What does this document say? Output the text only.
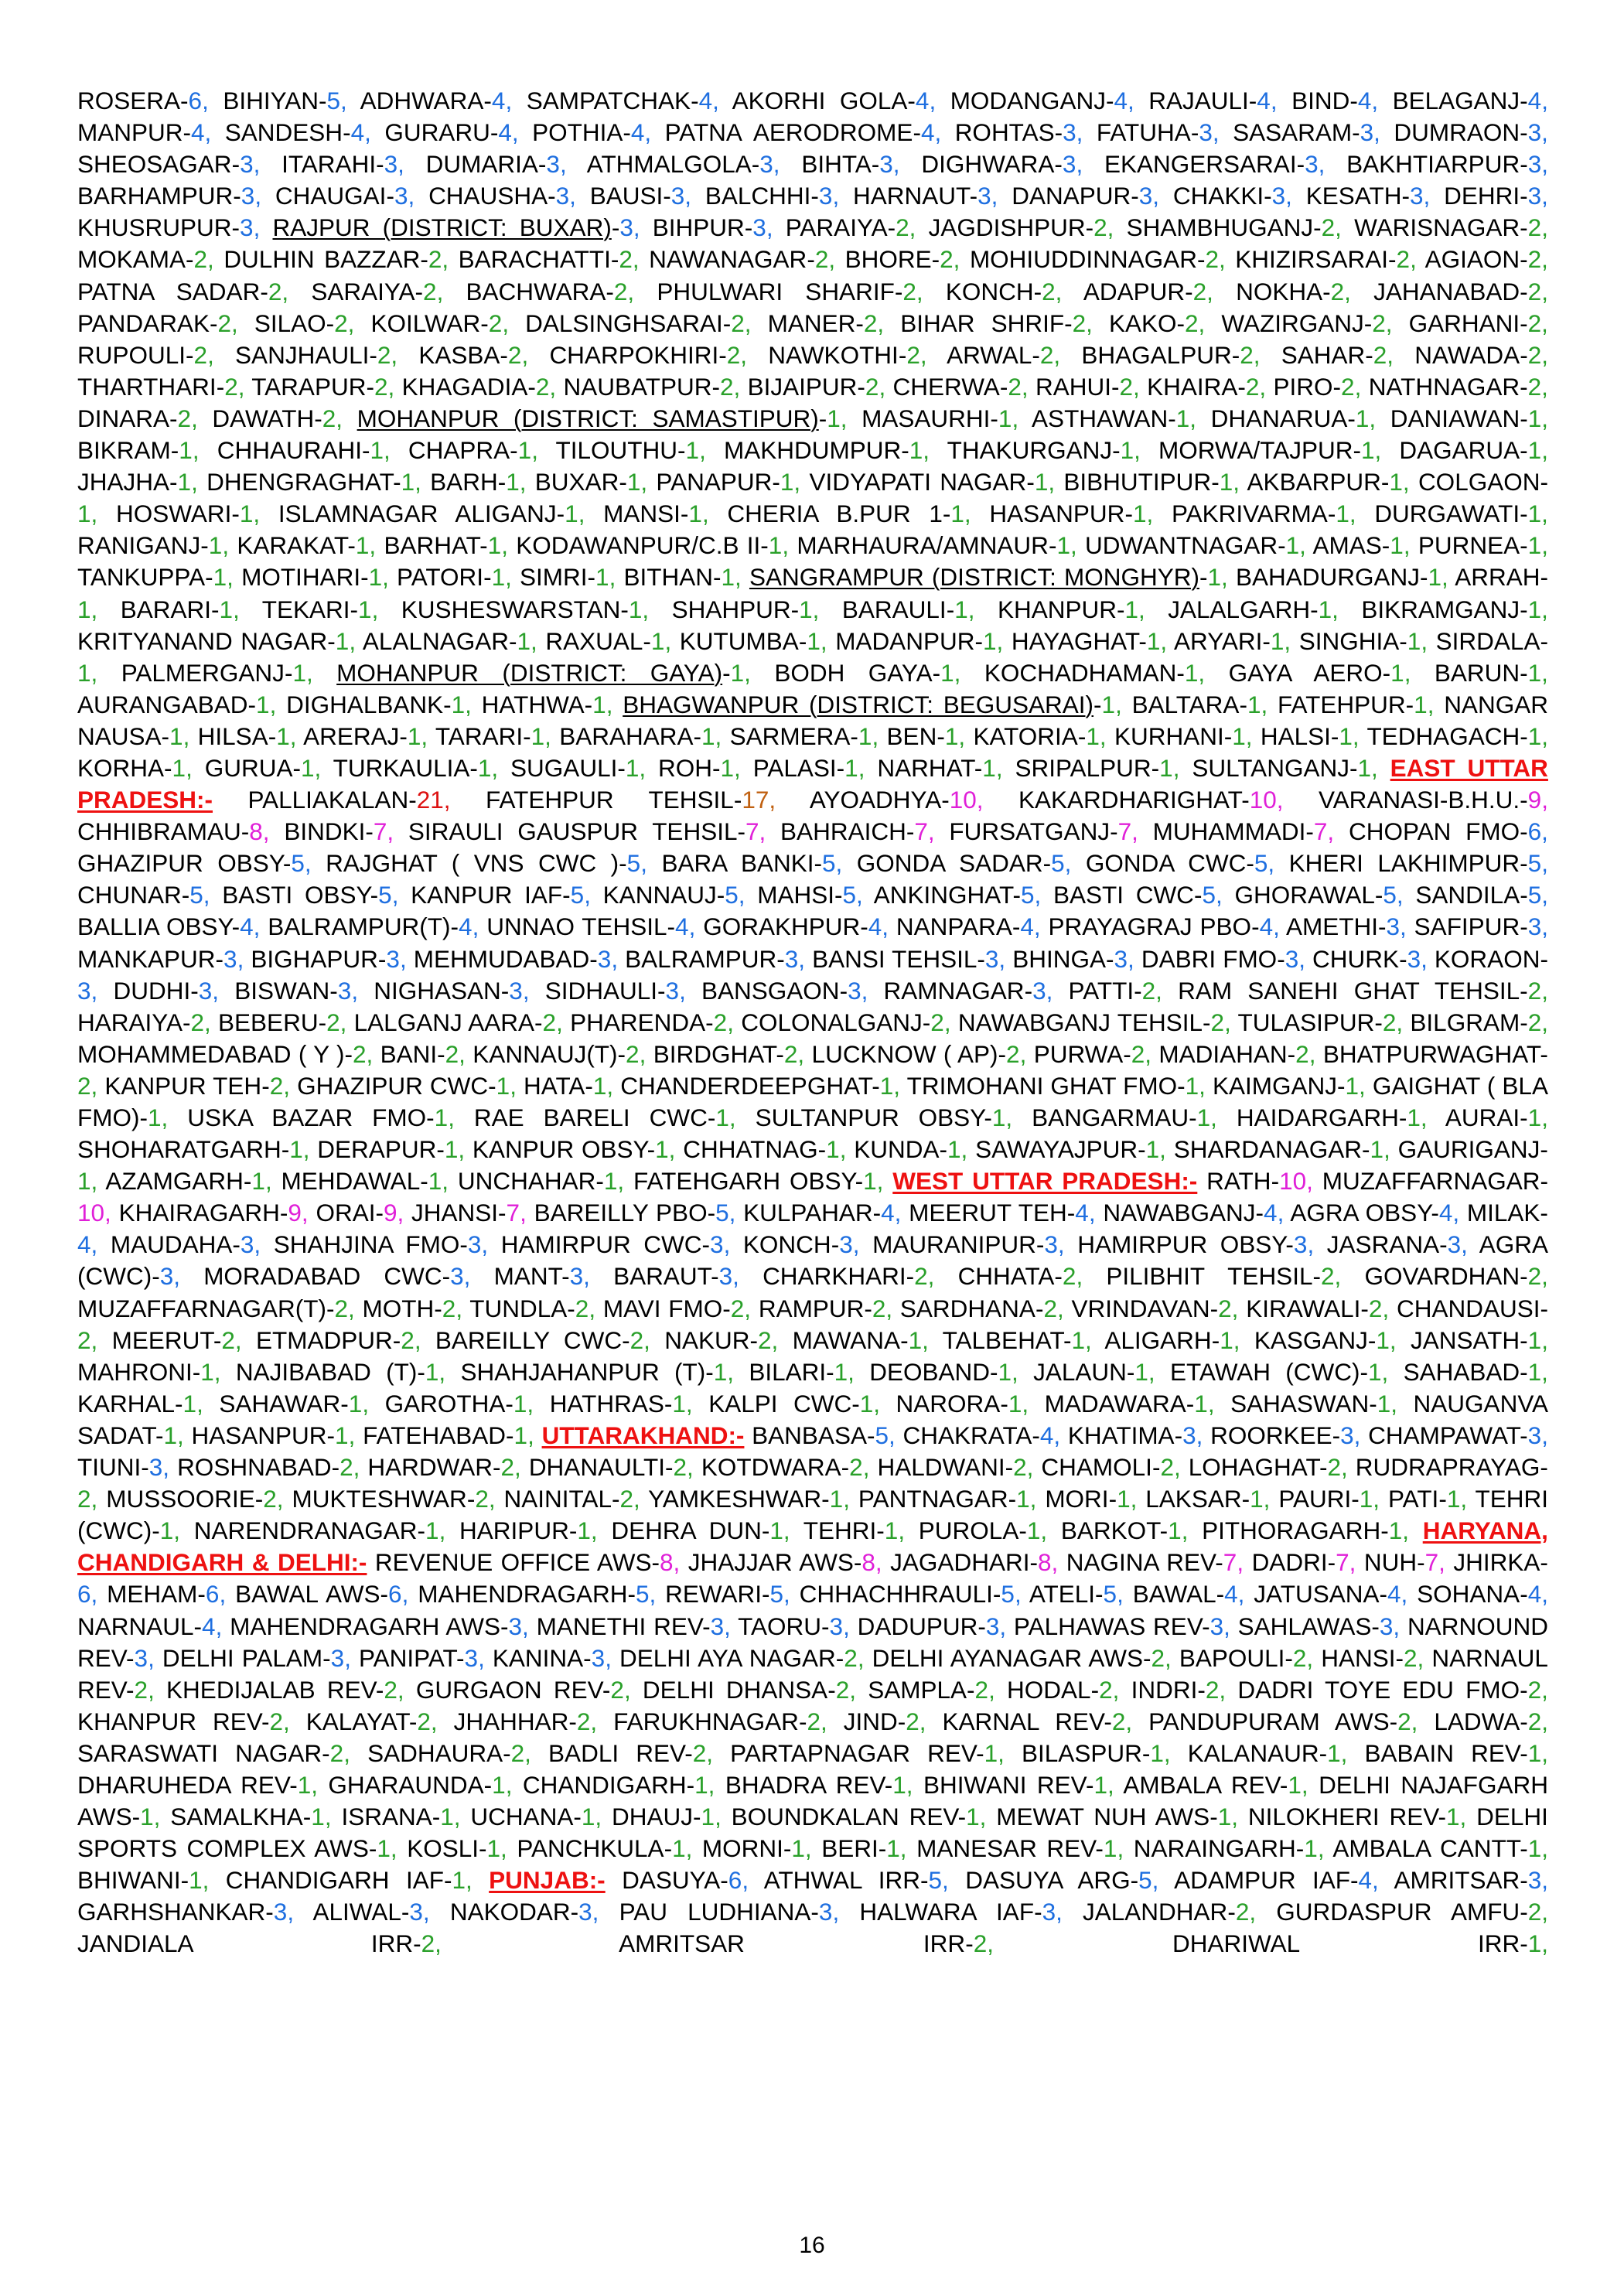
ROSERA-6, BIHIYAN-5, ADHWARA-4, SAMPATCHAK-4, AKORHI GOLA-4, MODANGANJ-4, RAJAULI-4, BIND-4, BELAGANJ-4, MANPUR-4, SANDESH-4, GURARU-4, POTHIA-4, PATNA AERODROME-4, ROHTAS-3, FATUHA-3, SASARAM-3, DUMRAON-3, SHEOSAGAR-3, ITARAHI-3, DUMARIA-3, ATHMALGOLA-3, BIHTA-3, DIGHWARA-3, EKANGERSARAI-3, BAKHTIARPUR-3, BARHAMPUR-3, CHAUGAI-3, CHAUSHA-3, BAUSI-3, BALCHHI-3, HARNAUT-3, DANAPUR-3, CHAKKI-3, KESATH-3, DEHRI-3, KHUSRUPUR-3, RAJPUR (DISTRICT: BUXAR)-3, BIHPUR-3, PARAIYA-2, JAGDISHPUR-2, SHAMBHUGANJ-2, WARISNAGAR-2, MOKAMA-2, DULHIN BAZZAR-2, BARACHATTI-2, NAWANAGAR-2, BHORE-2, MOHIUDDINNAGAR-2, KHIZIRSARAI-2, AGIAON-2, PATNA SADAR-2, SARAIYA-2, BACHWARA-2, PHULWARI SHARIF-2, KONCH-2, ADAPUR-2, NOKHA-2, JAHANABAD-2, PANDARAK-2, SILAO-2, KOILWAR-2, DALSINGHSARAI-2, MANER-2, BIHAR SHRIF-2, KAKO-2, WAZIRGANJ-2, GARHANI-2, RUPOULI-2, SANJHAULI-2, KASBA-2, CHARPOKHIRI-2, NAWKOTHI-2, ARWAL-2, BHAGALPUR-2, SAHAR-2, NAWADA-2, THARTHARI-2, TARAPUR-2, KHAGADIA-2, NAUBATPUR-2, BIJAIPUR-2, CHERWA-2, RAHUI-2, KHAIRA-2, PIRO-2, NATHNAGAR-2, DINARA-2, DAWATH-2, MOHANPUR (DISTRICT: SAMASTIPUR)-1, MASAURHI-1, ASTHAWAN-1, DHANARUA-1, DANIAWAN-1, BIKRAM-1, CHHAURAHI-1, CHAPRA-1, TILOUTHU-1, MAKHDUMPUR-1, THAKURGANJ-1, MORWA/TAJPUR-1, DAGARUA-1, JHAJHA-1, DHENGRAGHAT-1, BARH-1, BUXAR-1, PANAPUR-1, VIDYAPATI NAGAR-1, BIBHUTIPUR-1, AKBARPUR-1, COLGAON-1, HOSWARI-1, ISLAMNAGAR ALIGANJ-1, MANSI-1, CHERIA B.PUR 1-1, HASANPUR-1, PAKRIVARMA-1, DURGAWATI-1, RANIGANJ-1, KARAKAT-1, BARHAT-1, KODAWANPUR/C.B II-1, MARHAURA/AMNAUR-1, UDWANTNAGAR-1, AMAS-1, PURNEA-1, TANKUPPA-1, MOTIHARI-1, PATORI-1, SIMRI-1, BITHAN-1, SANGRAMPUR (DISTRICT: MONGHYR)-1, BAHADURGANJ-1, ARRAH-1, BARARI-1, TEKARI-1, KUSHESWARSTAN-1, SHAHPUR-1, BARAULI-1, KHANPUR-1, JALALGARH-1, BIKRAMGANJ-1, KRITYANAND NAGAR-1, ALALNAGAR-1, RAXUAL-1, KUTUMBA-1, MADANPUR-1, HAYAGHAT-1, ARYARI-1, SINGHIA-1, SIRDALA-1, PALMERGANJ-1, MOHANPUR (DISTRICT: GAYA)-1, BODH GAYA-1, KOCHADHAMAN-1, GAYA AERO-1, BARUN-1, AURANGABAD-1, DIGHALBANK-1, HATHWA-1, BHAGWANPUR (DISTRICT: BEGUSARAI)-1, BALTARA-1, FATEHPUR-1, NANGAR NAUSA-1, HILSA-1, ARERAJ-1, TARARI-1, BARAHARA-1, SARMERA-1, BEN-1, KATORIA-1, KURHANI-1, HALSI-1, TEDHAGACH-1, KORHA-1, GURUA-1, TURKAULIA-1, SUGAULI-1, ROH-1, PALASI-1, NARHAT-1, SRIPALPUR-1, SULTANGANJ-1, EAST UTTAR PRADESH:- PALLIAKALAN-21, FATEHPUR TEHSIL-17, AYOADHYA-10, KAKARDHARIGHAT-10, VARANASI-B.H.U.-9, CHHIBRAMAU-8, BINDKI-7, SIRAULI GAUSPUR TEHSIL-7, BAHRAICH-7, FURSATGANJ-7, MUHAMMADI-7, CHOPAN FMO-6, GHAZIPUR OBSY-5, RAJGHAT ( VNS CWC )-5, BARA BANKI-5, GONDA SADAR-5, GONDA CWC-5, KHERI LAKHIMPUR-5, CHUNAR-5, BASTI OBSY-5, KANPUR IAF-5, KANNAUJ-5, MAHSI-5, ANKINGHAT-5, BASTI CWC-5, GHORAWAL-5, SANDILA-5, BALLIA OBSY-4, BALRAMPUR(T)-4, UNNAO TEHSIL-4, GORAKHPUR-4, NANPARA-4, PRAYAGRAJ PBO-4, AMETHI-3, SAFIPUR-3, MANKAPUR-3, BIGHAPUR-3, MEHMUDABAD-3, BALRAMPUR-3, BANSI TEHSIL-3, BHINGA-3, DABRI FMO-3, CHURK-3, KORAON-3, DUDHI-3, BISWAN-3, NIGHASAN-3, SIDHAULI-3, BANSGAON-3, RAMNAGAR-3, PATTI-2, RAM SANEHI GHAT TEHSIL-2, HARAIYA-2, BEBERU-2, LALGANJ AARA-2, PHARENDA-2, COLONALGANJ-2, NAWABGANJ TEHSIL-2, TULASIPUR-2, BILGRAM-2, MOHAMMEDABAD ( Y )-2, BANI-2, KANNAUJ(T)-2, BIRDGHAT-2, LUCKNOW ( AP)-2, PURWA-2, MADIAHAN-2, BHATPURWAGHAT-2, KANPUR TEH-2, GHAZIPUR CWC-1, HATA-1, CHANDERDEEPGHAT-1, TRIMOHANI GHAT FMO-1, KAIMGANJ-1, GAIGHAT ( BLA FMO)-1, USKA BAZAR FMO-1, RAE BARELI CWC-1, SULTANPUR OBSY-1, BANGARMAU-1, HAIDARGARH-1, AURAI-1, SHOHARATGARH-1, DERAPUR-1, KANPUR OBSY-1, CHHATNAG-1, KUNDA-1, SAWAYAJPUR-1, SHARDANAGAR-1, GAURIGANJ-1, AZAMGARH-1, MEHDAWAL-1, UNCHAHAR-1, FATEHGARH OBSY-1, WEST UTTAR PRADESH:- RATH-10, MUZAFFARNAGAR-10, KHAIRAGARH-9, ORAI-9, JHANSI-7, BAREILLY PBO-5, KULPAHAR-4, MEERUT TEH-4, NAWABGANJ-4, AGRA OBSY-4, MILAK-4, MAUDAHA-3, SHAHJINA FMO-3, HAMIRPUR CWC-3, KONCH-3, MAURANIPUR-3, HAMIRPUR OBSY-3, JASRANA-3, AGRA (CWC)-3, MORADABAD CWC-3, MANT-3, BARAUT-3, CHARKHARI-2, CHHATA-2, PILIBHIT TEHSIL-2, GOVARDHAN-2, MUZAFFARNAGAR(T)-2, MOTH-2, TUNDLA-2, MAVI FMO-2, RAMPUR-2, SARDHANA-2, VRINDAVAN-2, KIRAWALI-2, CHANDAUSI-2, MEERUT-2, ETMADPUR-2, BAREILLY CWC-2, NAKUR-2, MAWANA-1, TALBEHAT-1, ALIGARH-1, KASGANJ-1, JANSATH-1, MAHRONI-1, NAJIBABAD (T)-1, SHAHJAHANPUR (T)-1, BILARI-1, DEOBAND-1, JALAUN-1, ETAWAH (CWC)-1, SAHABAD-1, KARHAL-1, SAHAWAR-1, GAROTHA-1, HATHRAS-1, KALPI CWC-1, NARORA-1, MADAWARA-1, SAHASWAN-1, NAUGANVA SADAT-1, HASANPUR-1, FATEHABAD-1, UTTARAKHAND:- BANBASA-5, CHAKRATA-4, KHATIMA-3, ROORKEE-3, CHAMPAWAT-3, TIUNI-3, ROSHNABAD-2, HARDWAR-2, DHANAULTI-2, KOTDWARA-2, HALDWANI-2, CHAMOLI-2, LOHAGHAT-2, RUDRAPRAYAG-2, MUSSOORIE-2, MUKTESHWAR-2, NAINITAL-2, YAMKESHWAR-1, PANTNAGAR-1, MORI-1, LAKSAR-1, PAURI-1, PATI-1, TEHRI (CWC)-1, NARENDRANAGAR-1, HARIPUR-1, DEHRA DUN-1, TEHRI-1, PUROLA-1, BARKOT-1, PITHORAGARH-1, HARYANA, CHANDIGARH & DELHI:- REVENUE OFFICE AWS-8, JHAJJAR AWS-8, JAGADHARI-8, NAGINA REV-7, DADRI-7, NUH-7, JHIRKA-6, MEHAM-6, BAWAL AWS-6, MAHENDRAGARH-5, REWARI-5, CHHACHHRAULI-5, ATELI-5, BAWAL-4, JATUSANA-4, SOHANA-4, NARNAUL-4, MAHENDRAGARH AWS-3, MANETHI REV-3, TAORU-3, DADUPUR-3, PALHAWAS REV-3, SAHLAWAS-3, NARNOUND REV-3, DELHI PALAM-3, PANIPAT-3, KANINA-3, DELHI AYA NAGAR-2, DELHI AYANAGAR AWS-2, BAPOULI-2, HANSI-2, NARNAUL REV-2, KHEDIJALAB REV-2, GURGAON REV-2, DELHI DHANSA-2, SAMPLA-2, HODAL-2, INDRI-2, DADRI TOYE EDU FMO-2, KHANPUR REV-2, KALAYAT-2, JHAHHAR-2, FARUKHNAGAR-2, JIND-2, KARNAL REV-2, PANDUPURAM AWS-2, LADWA-2, SARASWATI NAGAR-2, SADHAURA-2, BADLI REV-2, PARTAPNAGAR REV-1, BILASPUR-1, KALANAUR-1, BABAIN REV-1, DHARUHEDA REV-1, GHARAUNDA-1, CHANDIGARH-1, BHADRA REV-1, BHIWANI REV-1, AMBALA REV-1, DELHI NAJAFGARH AWS-1, SAMALKHA-1, ISRANA-1, UCHANA-1, DHAUJ-1, BOUNDKALAN REV-1, MEWAT NUH AWS-1, NILOKHERI REV-1, DELHI SPORTS COMPLEX AWS-1, KOSLI-1, PANCHKULA-1, MORNI-1, BERI-1, MANESAR REV-1, NARAINGARH-1, AMBALA CANTT-1, BHIWANI-1, CHANDIGARH IAF-1, PUNJAB:- DASUYA-6, ATHWAL IRR-5, DASUYA ARG-5, ADAMPUR IAF-4, AMRITSAR-3, GARHSHANKAR-3, ALIWAL-3, NAKODAR-3, PAU LUDHIANA-3, HALWARA IAF-3, JALANDHAR-2, GURDASPUR AMFU-2, JANDIALA IRR-2,	AMRITSAR IRR-2,	DHARIWAL IRR-1,
16
